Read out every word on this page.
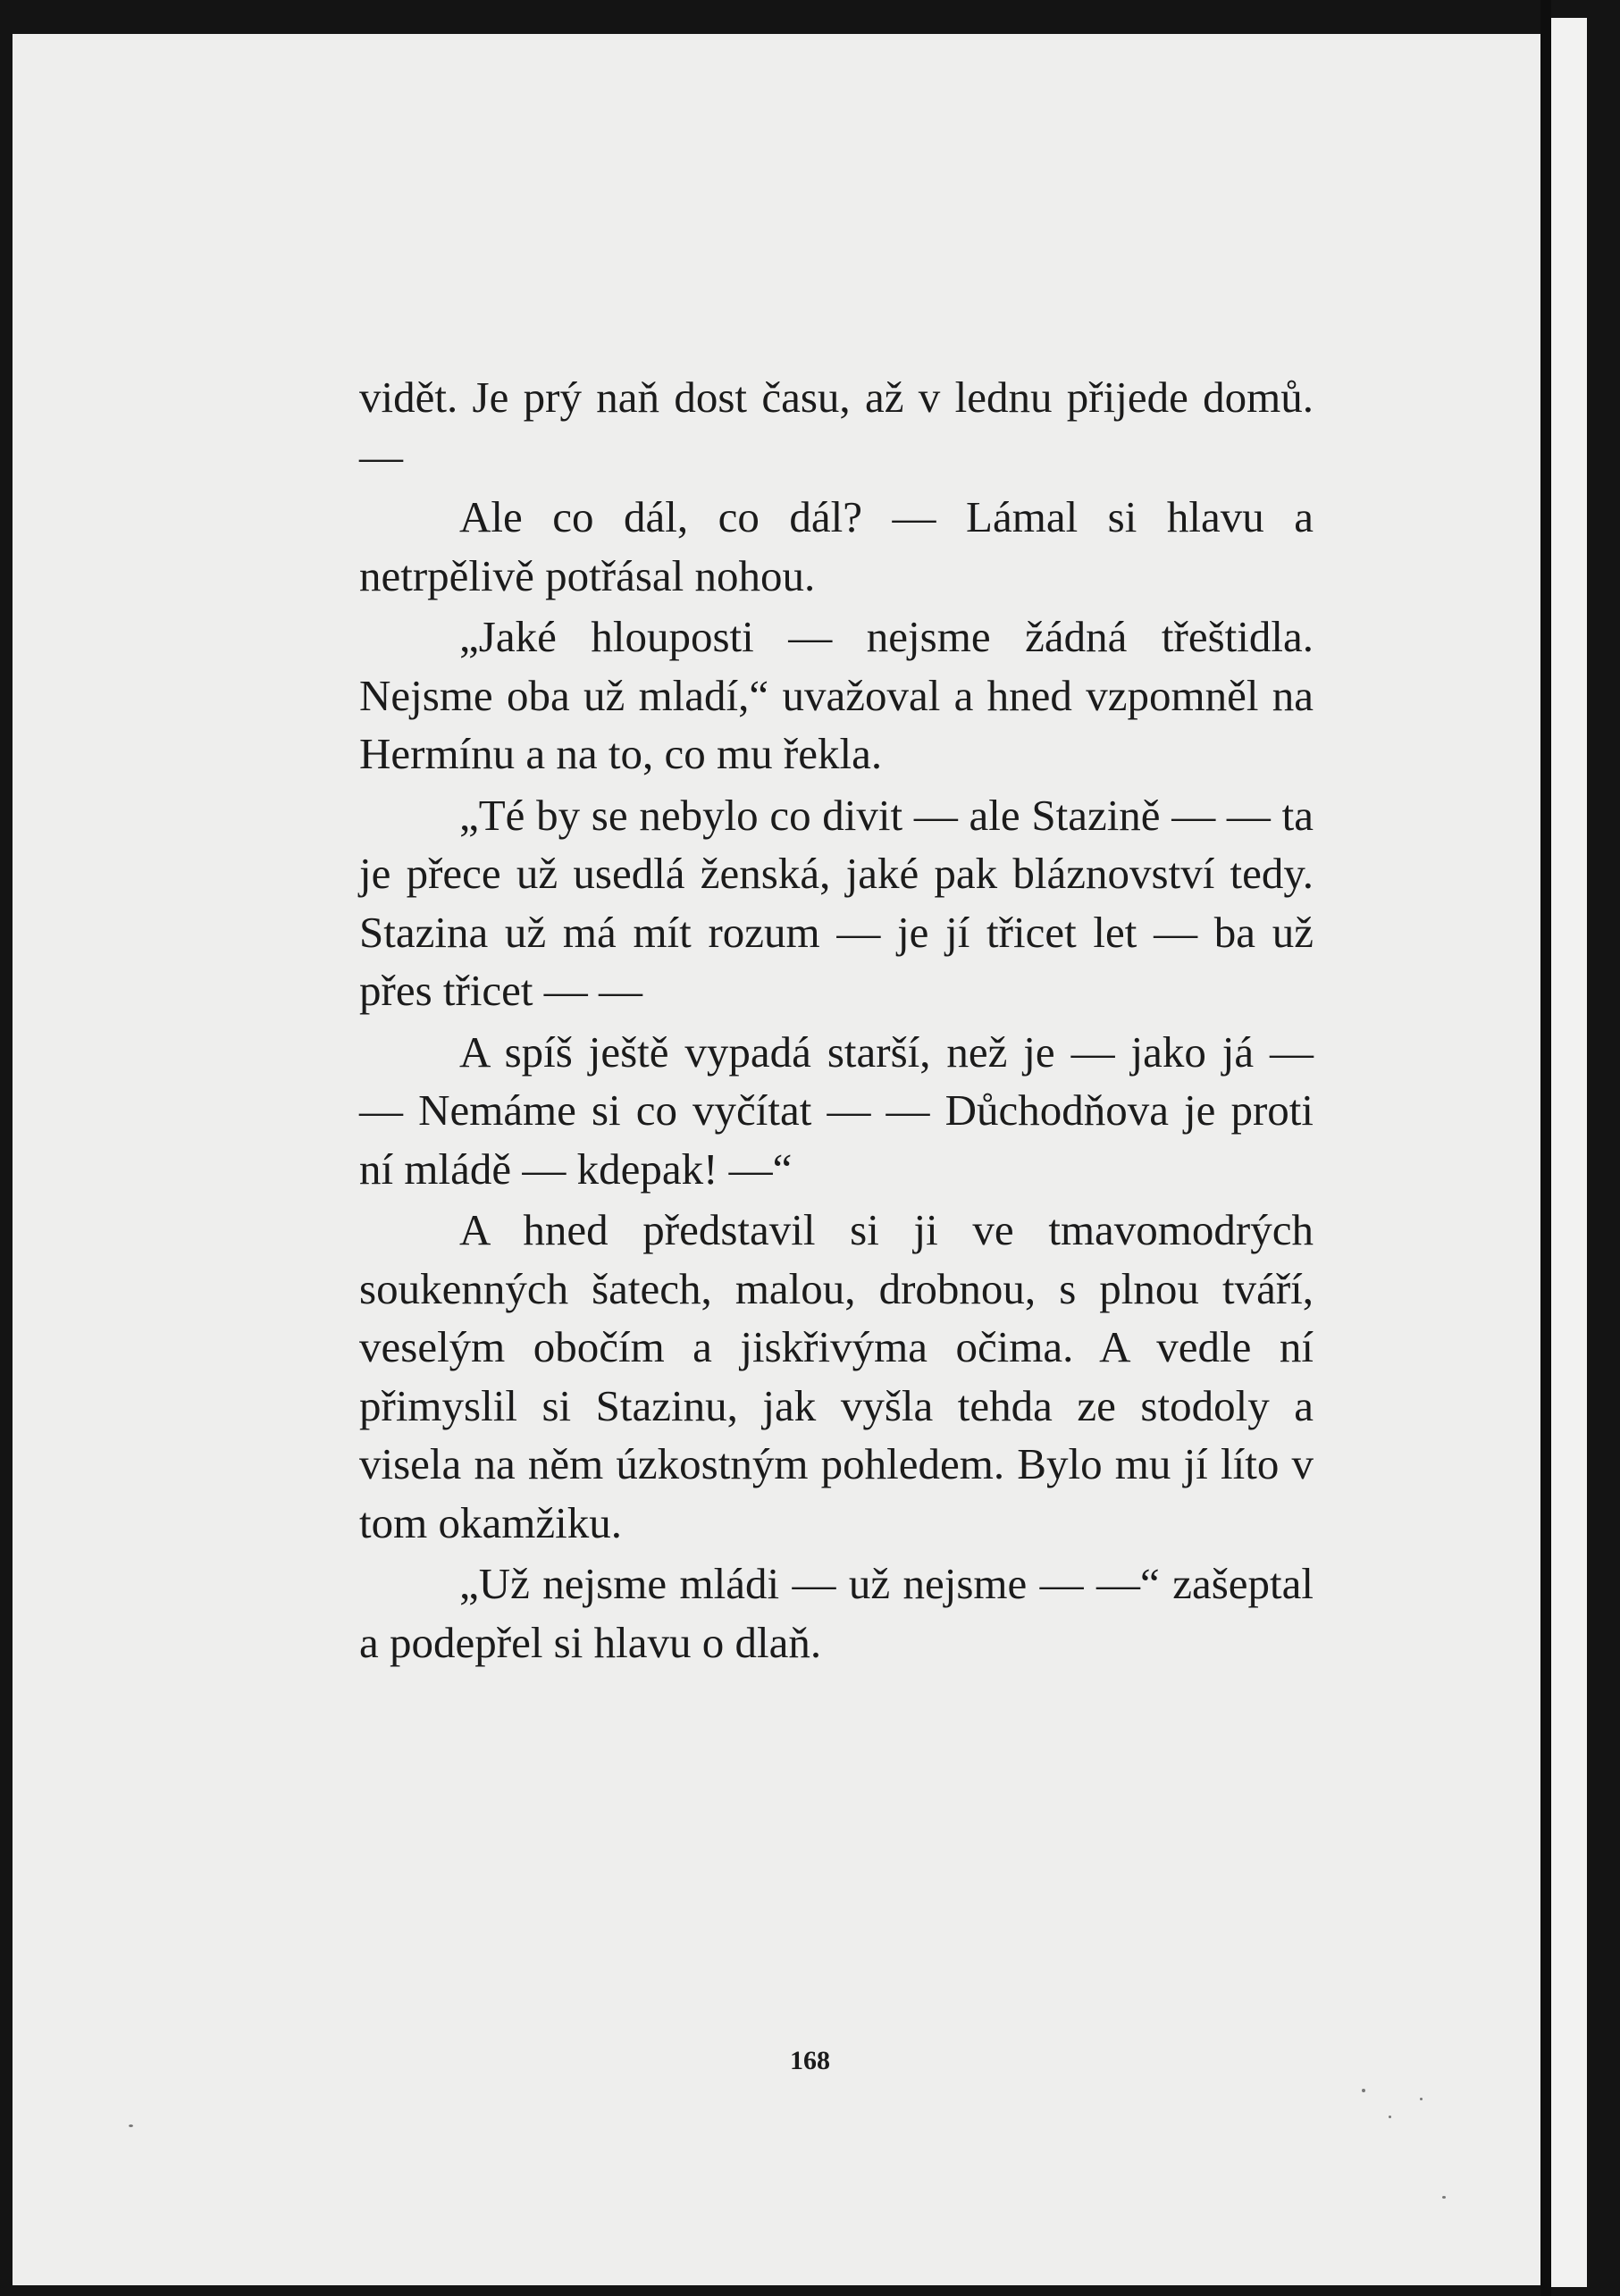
vidět. Je prý naň dost času, až v lednu přijede domů. —

Ale co dál, co dál? — Lámal si hlavu a netrpělivě potřásal nohou.

„Jaké hlouposti — nejsme žádná třeštidla. Nejsme oba už mladí,“ uvažoval a hned vzpomněl na Hermínu a na to, co mu řekla.

„Té by se nebylo co divit — ale Stazině — — ta je přece už usedlá ženská, jaké pak bláznovství tedy. Stazina už má mít rozum — je jí třicet let — ba už přes třicet — —

A spíš ještě vypadá starší, než je — jako já — — Nemáme si co vyčítat — — Důchodňova je proti ní mládě — kdepak! —“

A hned představil si ji ve tmavomodrých soukenných šatech, malou, drobnou, s plnou tváří, veselým obočím a jiskřivýma očima. A vedle ní přimyslil si Stazinu, jak vyšla tehda ze stodoly a visela na něm úzkostným pohledem. Bylo mu jí líto v tom okamžiku.

„Už nejsme mládi — už nejsme — —“ zašeptal a podepřel si hlavu o dlaň.

168
